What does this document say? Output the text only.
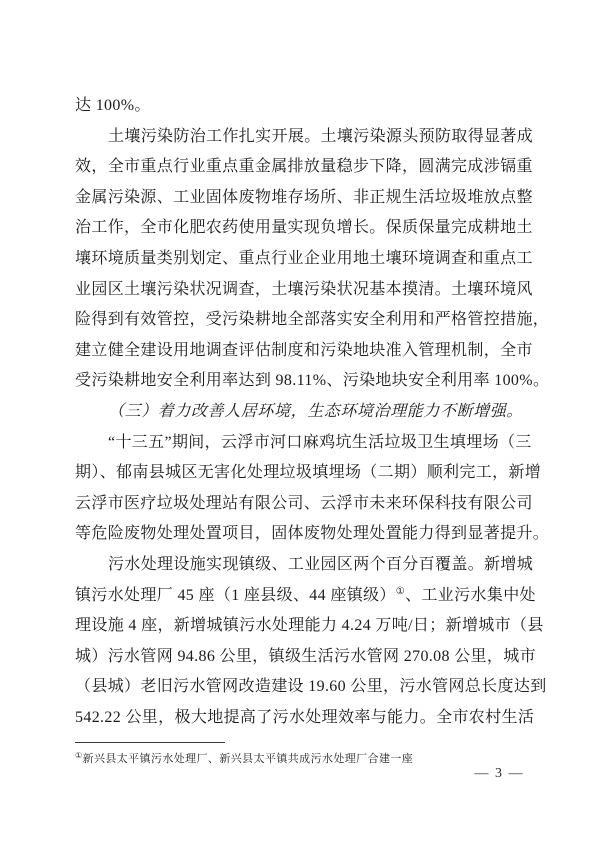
达 100%。
土壤污染防治工作扎实开展。土壤污染源头预防取得显著成
效，全市重点行业重点重金属排放量稳步下降，圆满完成涉镉重
金属污染源、工业固体废物堆存场所、非正规生活垃圾堆放点整
治工作，全市化肥农药使用量实现负增长。保质保量完成耕地土
壤环境质量类别划定、重点行业企业用地土壤环境调查和重点工
业园区土壤污染状况调查，土壤污染状况基本摸清。土壤环境风
险得到有效管控，受污染耕地全部落实安全利用和严格管控措施，
建立健全建设用地调查评估制度和污染地块准入管理机制，全市
受污染耕地安全利用率达到 98.11%、污染地块安全利用率 100%。
（三）着力改善人居环境，生态环境治理能力不断增强。
“十三五”期间，云浮市河口麻鸡坑生活垃圾卫生填埋场（三
期）、郁南县城区无害化处理垃圾填埋场（二期）顺利完工，新增
云浮市医疗垃圾处理站有限公司、云浮市未来环保科技有限公司
等危险废物处理处置项目，固体废物处理处置能力得到显著提升。
污水处理设施实现镇级、工业园区两个百分百覆盖。新增城
镇污水处理厂 45 座（1 座县级、44 座镇级）①、工业污水集中处
理设施 4 座，新增城镇污水处理能力 4.24 万吨/日；新增城市（县
城）污水管网 94.86 公里，镇级生活污水管网 270.08 公里，城市
（县城）老旧污水管网改造建设 19.60 公里，污水管网总长度达到
542.22 公里，极大地提高了污水处理效率与能力。全市农村生活
①新兴县太平镇污水处理厂、新兴县太平镇共成污水处理厂合建一座
— 3 —
